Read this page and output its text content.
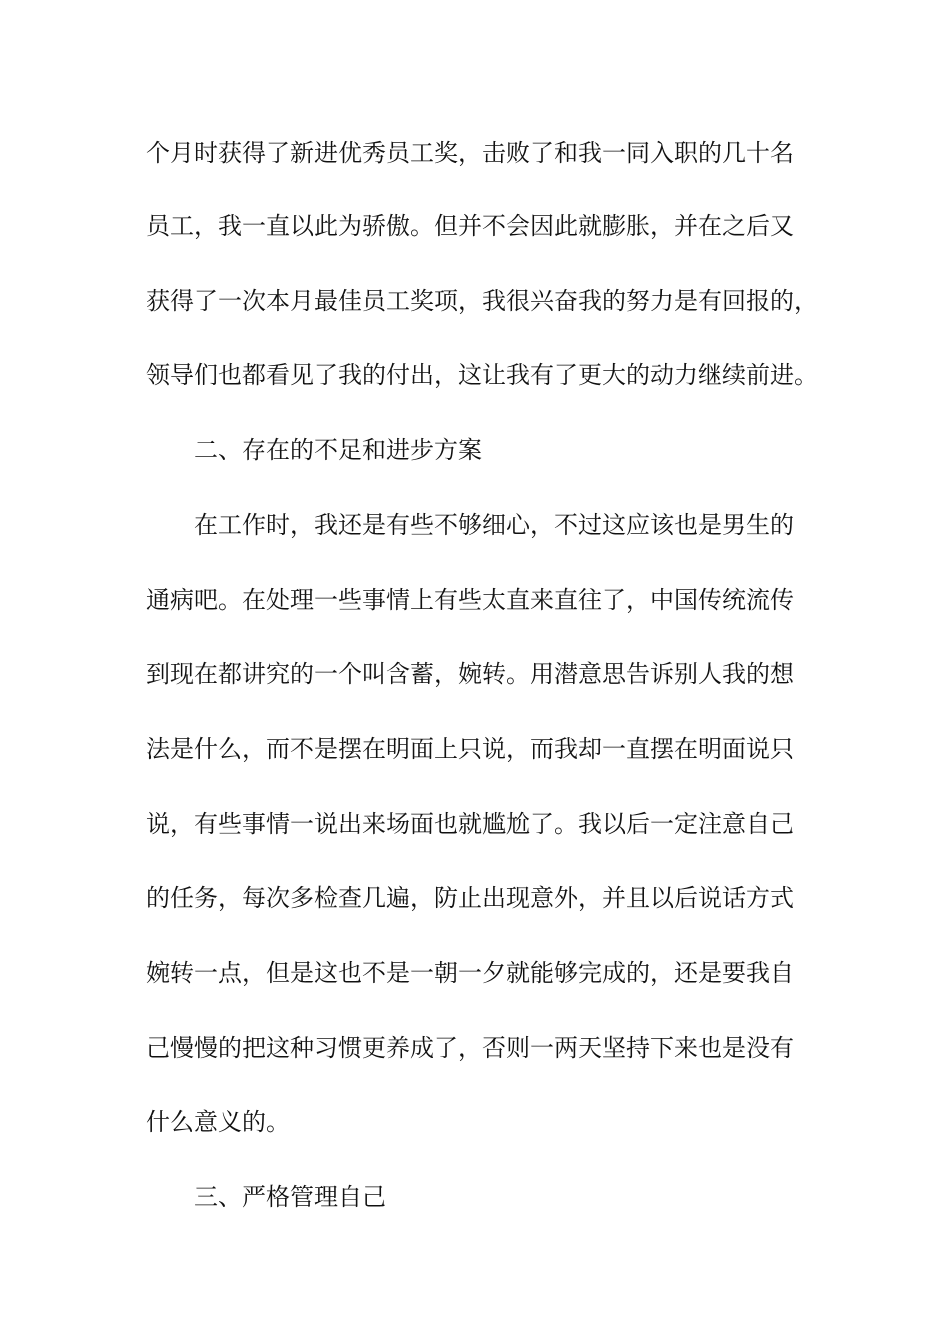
个月时获得了新进优秀员工奖，击败了和我一同入职的几十名
员工，我一直以此为骄傲。但并不会因此就膨胀，并在之后又
获得了一次本月最佳员工奖项，我很兴奋我的努力是有回报的，
领导们也都看见了我的付出，这让我有了更大的动力继续前进。
二、存在的不足和进步方案
在工作时，我还是有些不够细心，不过这应该也是男生的
通病吧。在处理一些事情上有些太直来直往了，中国传统流传
到现在都讲究的一个叫含蓄，婉转。用潜意思告诉别人我的想
法是什么，而不是摆在明面上只说，而我却一直摆在明面说只
说，有些事情一说出来场面也就尴尬了。我以后一定注意自己
的任务，每次多检查几遍，防止出现意外，并且以后说话方式
婉转一点，但是这也不是一朝一夕就能够完成的，还是要我自
己慢慢的把这种习惯更养成了，否则一两天坚持下来也是没有
什么意义的。
三、严格管理自己
